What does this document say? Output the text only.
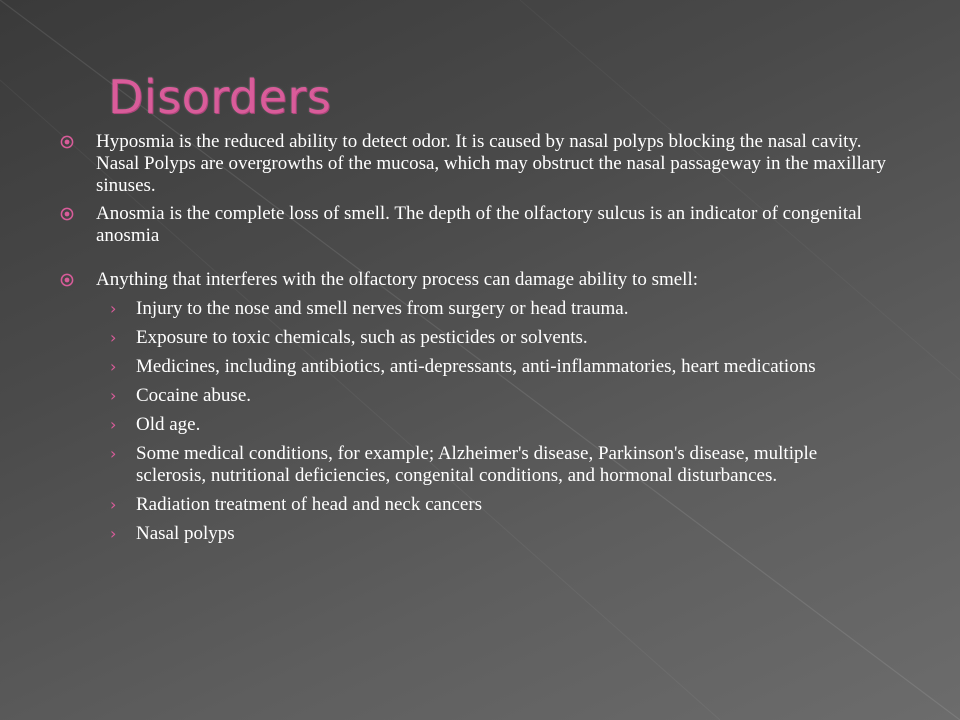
Disorders
Hyposmia is the reduced ability to detect odor. It is caused by nasal polyps blocking the nasal cavity. Nasal Polyps are overgrowths of the mucosa, which may obstruct the nasal passageway in the maxillary sinuses.
Anosmia is the complete loss of smell. The depth of the olfactory sulcus is an indicator of congenital anosmia
Anything that interferes with the olfactory process can damage ability to smell:
› Injury to the nose and smell nerves from surgery or head trauma.
› Exposure to toxic chemicals, such as pesticides or solvents.
› Medicines, including antibiotics, anti-depressants, anti-inflammatories, heart medications
› Cocaine abuse.
› Old age.
› Some medical conditions, for example; Alzheimer's disease, Parkinson's disease, multiple sclerosis, nutritional deficiencies, congenital conditions, and hormonal disturbances.
› Radiation treatment of head and neck cancers
› Nasal polyps
